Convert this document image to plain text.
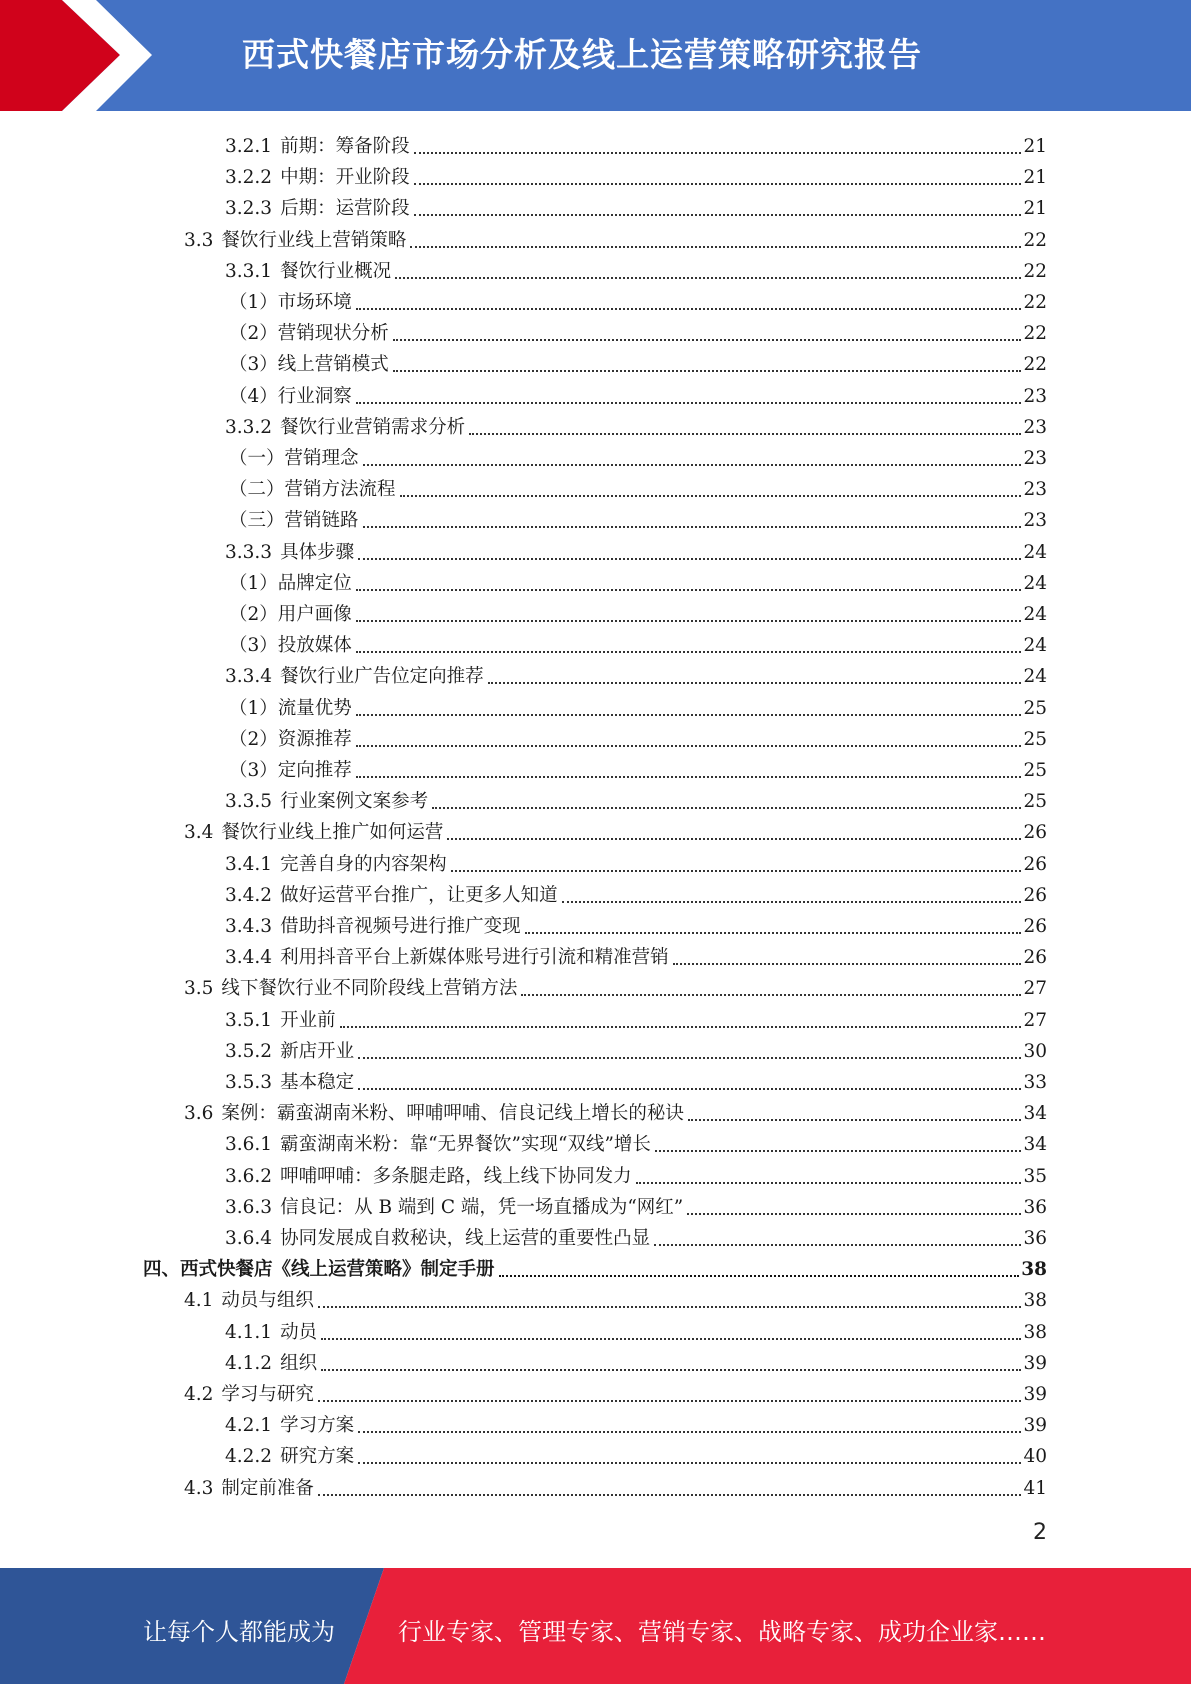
西式快餐店市场分析及线上运营策略研究报告
3.2.1 前期：筹备阶段	21
3.2.2 中期：开业阶段	21
3.2.3 后期：运营阶段	21
3.3 餐饮行业线上营销策略	22
3.3.1 餐饮行业概况	22
（1） 市场环境	22
（2） 营销现状分析	22
（3） 线上营销模式	22
（4） 行业洞察	23
3.3.2 餐饮行业营销需求分析	23
（一） 营销理念	23
（二） 营销方法流程	23
（三） 营销链路	23
3.3.3 具体步骤	24
（1） 品牌定位	24
（2） 用户画像	24
（3） 投放媒体	24
3.3.4 餐饮行业广告位定向推荐	24
（1） 流量优势	25
（2） 资源推荐	25
（3） 定向推荐	25
3.3.5 行业案例文案参考	25
3.4 餐饮行业线上推广如何运营	26
3.4.1 完善自身的内容架构	26
3.4.2 做好运营平台推广，让更多人知道	26
3.4.3 借助抖音视频号进行推广变现	26
3.4.4 利用抖音平台上新媒体账号进行引流和精准营销	26
3.5 线下餐饮行业不同阶段线上营销方法	27
3.5.1 开业前	27
3.5.2 新店开业	30
3.5.3 基本稳定	33
3.6 案例：霸蛮湖南米粉、呷哺呷哺、信良记线上增长的秘诀	34
3.6.1 霸蛮湖南米粉：靠“无界餐饮”实现“双线”增长	34
3.6.2 呷哺呷哺：多条腿走路，线上线下协同发力	35
3.6.3 信良记：从 B 端到 C 端，凭一场直播成为“网红”	36
3.6.4 协同发展成自救秘诀，线上运营的重要性凸显	36
四、 西式快餐店《线上运营策略》制定手册	38
4.1 动员与组织	38
4.1.1 动员	38
4.1.2 组织	39
4.2 学习与研究	39
4.2.1 学习方案	39
4.2.2 研究方案	40
4.3 制定前准备	41
2
让每个人都能成为	行业专家、管理专家、营销专家、战略专家、成功企业家……
